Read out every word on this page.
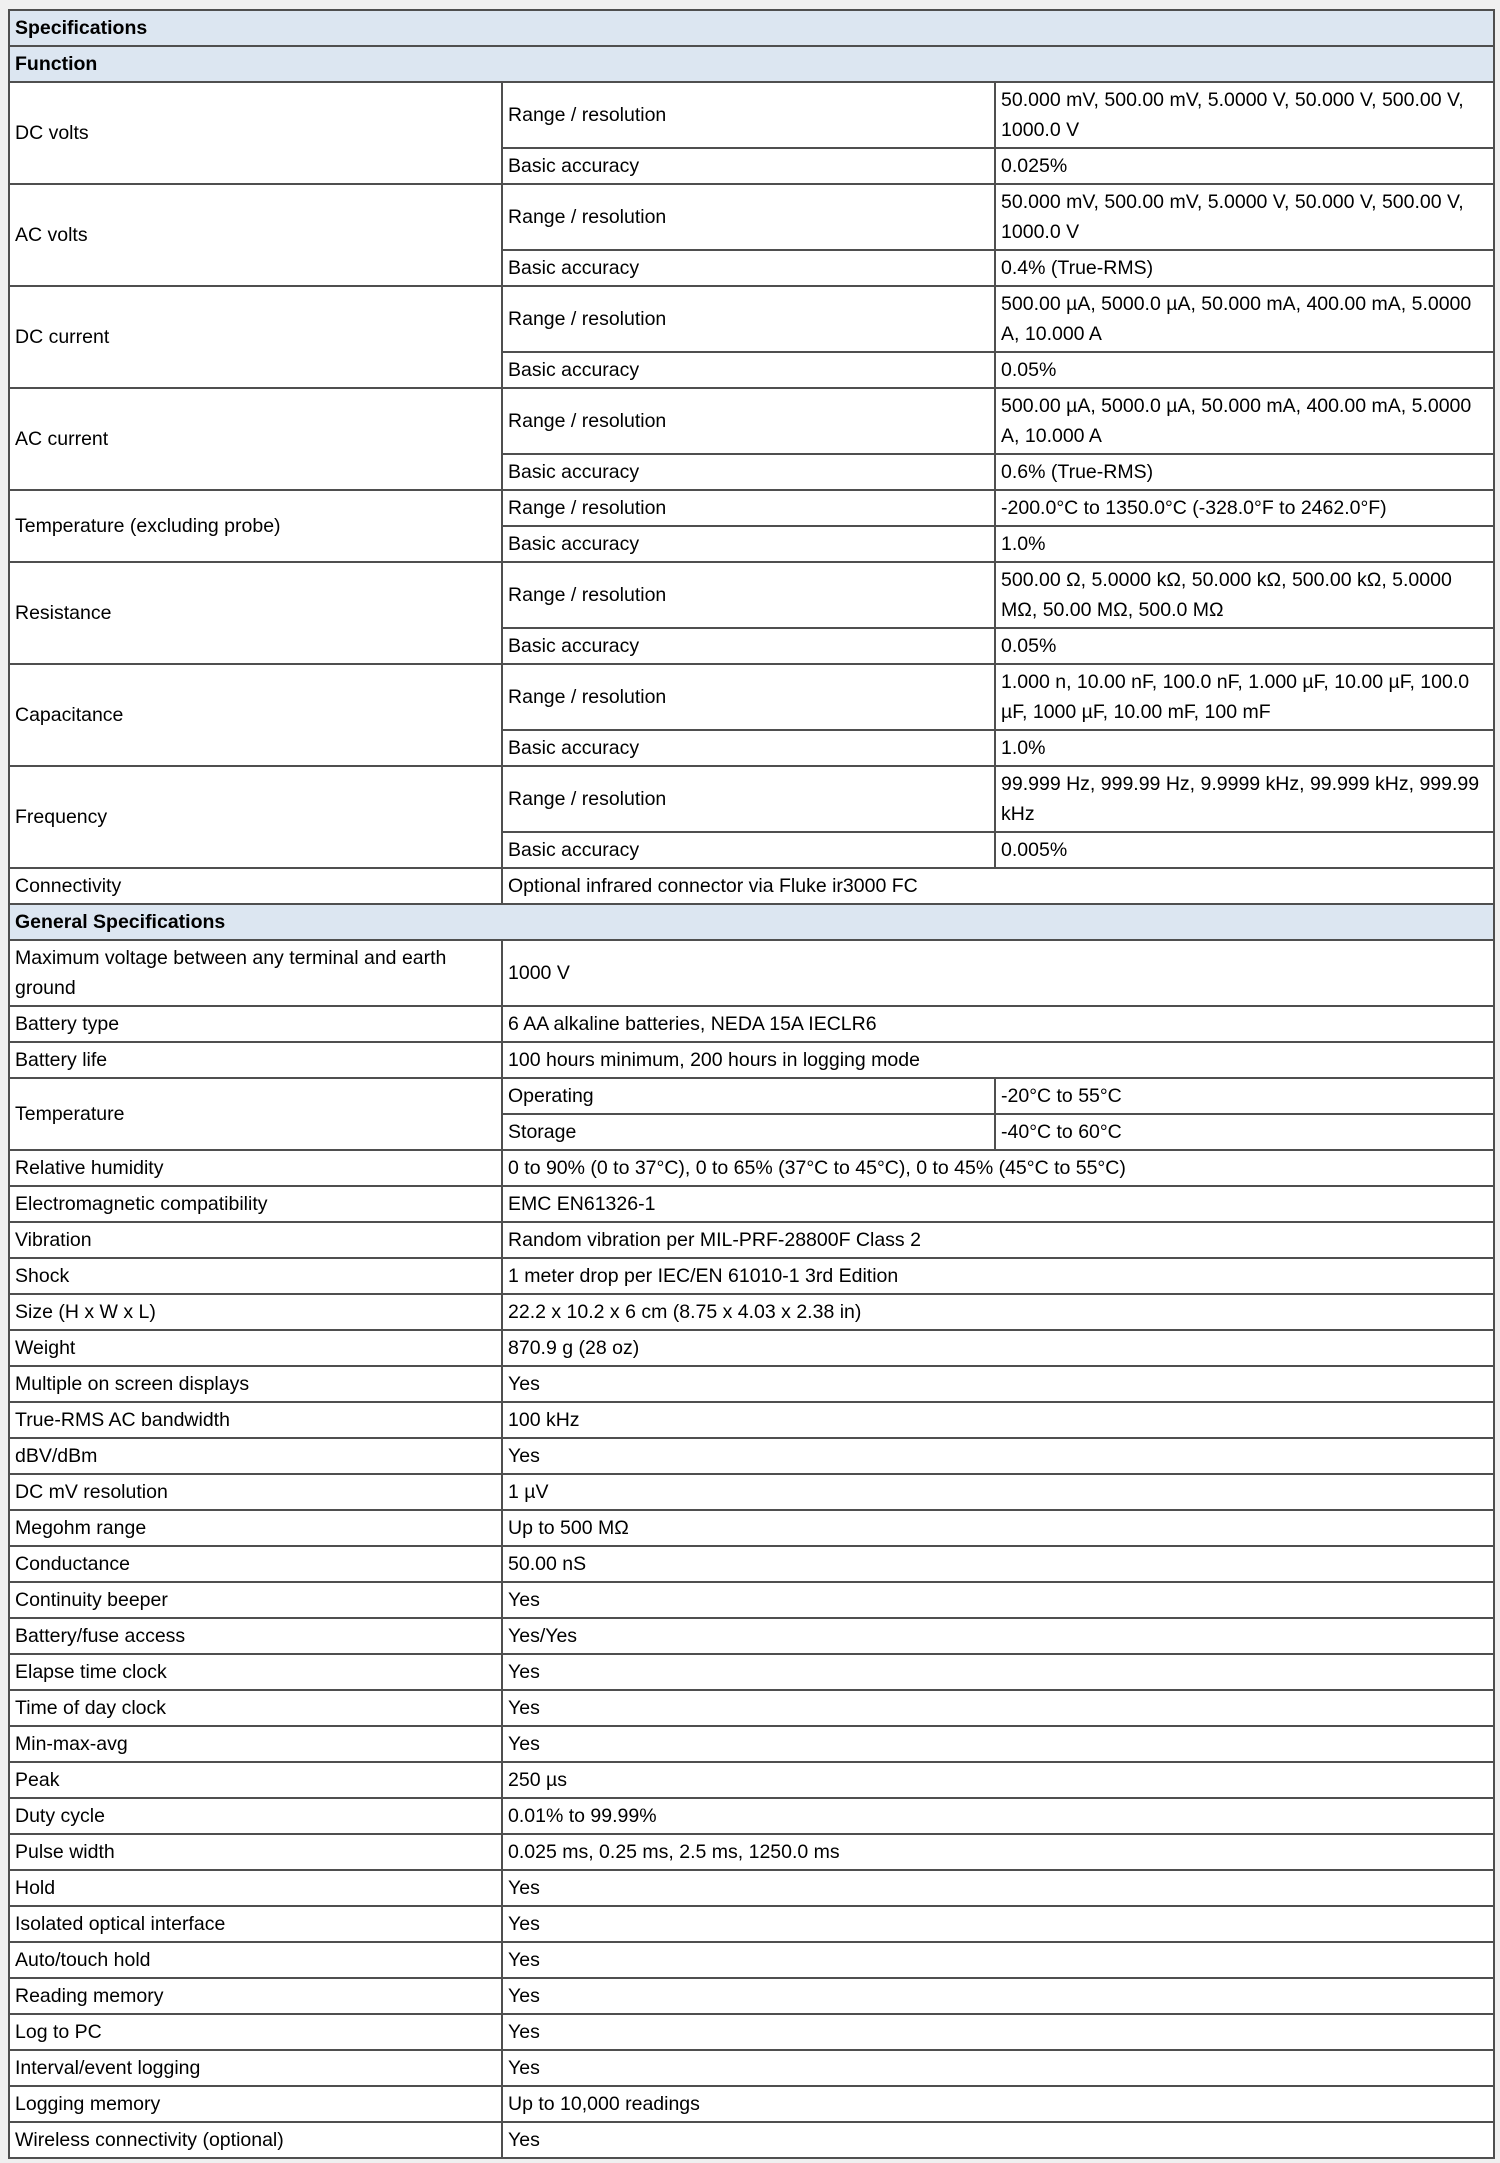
Specifications		
Function		
DC volts	Range / resolution	50.000 mV, 500.00 mV, 5.0000 V, 50.000 V, 500.00 V, 1000.0 V
	Basic accuracy	0.025%
AC volts	Range / resolution	50.000 mV, 500.00 mV, 5.0000 V, 50.000 V, 500.00 V, 1000.0 V
	Basic accuracy	0.4% (True-RMS)
DC current	Range / resolution	500.00 µA, 5000.0 µA, 50.000 mA, 400.00 mA, 5.0000 A, 10.000 A
	Basic accuracy	0.05%
AC current	Range / resolution	500.00 µA, 5000.0 µA, 50.000 mA, 400.00 mA, 5.0000 A, 10.000 A
	Basic accuracy	0.6% (True-RMS)
Temperature (excluding probe)	Range / resolution	-200.0°C to 1350.0°C (-328.0°F to 2462.0°F)
	Basic accuracy	1.0%
Resistance	Range / resolution	500.00 Ω, 5.0000 kΩ, 50.000 kΩ, 500.00 kΩ, 5.0000 MΩ, 50.00 MΩ, 500.0 MΩ
	Basic accuracy	0.05%
Capacitance	Range / resolution	1.000 n, 10.00 nF, 100.0 nF, 1.000 µF, 10.00 µF, 100.0 µF, 1000 µF, 10.00 mF, 100 mF
	Basic accuracy	1.0%
Frequency	Range / resolution	99.999 Hz, 999.99 Hz, 9.9999 kHz, 99.999 kHz, 999.99 kHz
	Basic accuracy	0.005%
Connectivity	Optional infrared connector via Fluke ir3000 FC	
General Specifications		
Maximum voltage between any terminal and earth ground	1000 V	
Battery type	6 AA alkaline batteries, NEDA 15A IECLR6	
Battery life	100 hours minimum, 200 hours in logging mode	
Temperature	Operating	-20°C to 55°C
	Storage	-40°C to 60°C
Relative humidity	0 to 90% (0 to 37°C), 0 to 65% (37°C to 45°C), 0 to 45% (45°C to 55°C)	
Electromagnetic compatibility	EMC EN61326-1	
Vibration	Random vibration per MIL-PRF-28800F Class 2	
Shock	1 meter drop per IEC/EN 61010-1 3rd Edition	
Size (H x W x L)	22.2 x 10.2 x 6 cm (8.75 x 4.03 x 2.38 in)	
Weight	870.9 g (28 oz)	
Multiple on screen displays	Yes	
True-RMS AC bandwidth	100 kHz	
dBV/dBm	Yes	
DC mV resolution	1 µV	
Megohm range	Up to 500 MΩ	
Conductance	50.00 nS	
Continuity beeper	Yes	
Battery/fuse access	Yes/Yes	
Elapse time clock	Yes	
Time of day clock	Yes	
Min-max-avg	Yes	
Peak	250 µs	
Duty cycle	0.01% to 99.99%	
Pulse width	0.025 ms, 0.25 ms, 2.5 ms, 1250.0 ms	
Hold	Yes	
Isolated optical interface	Yes	
Auto/touch hold	Yes	
Reading memory	Yes	
Log to PC	Yes	
Interval/event logging	Yes	
Logging memory	Up to 10,000 readings	
Wireless connectivity (optional)	Yes	
